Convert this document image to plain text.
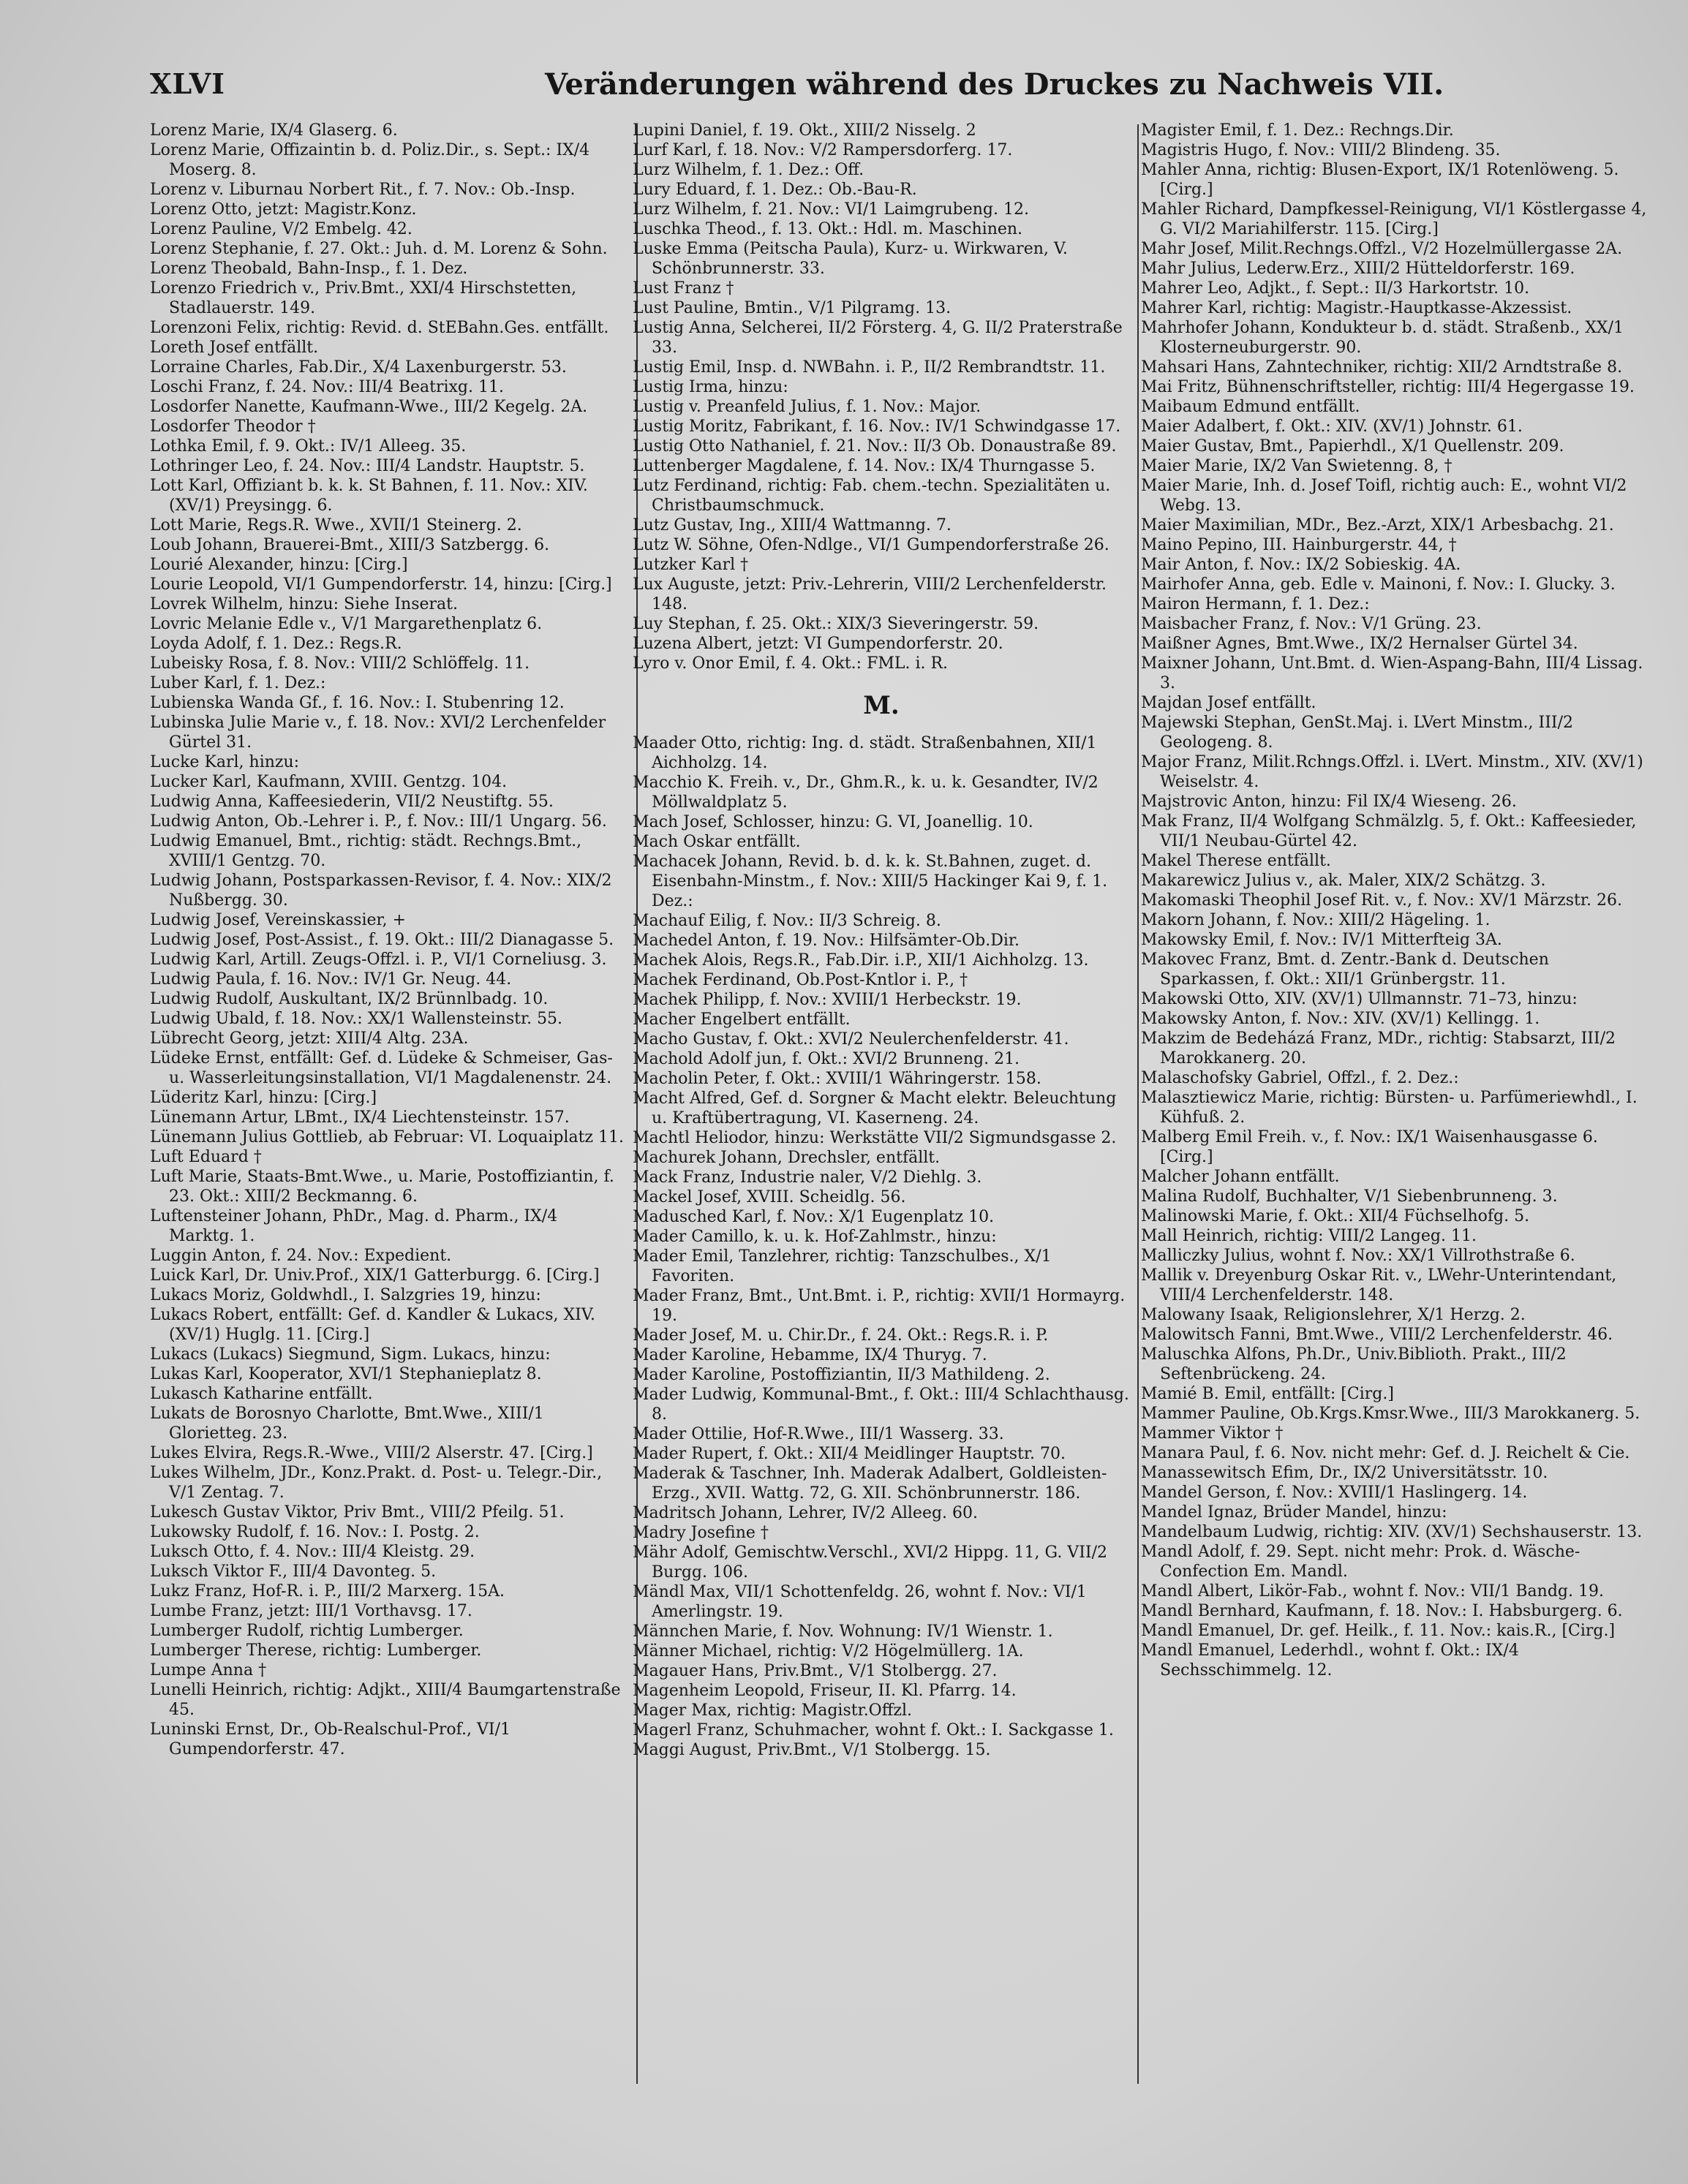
XLVI	Veränderungen während des Druckes zu Nachweis VII.

Lorenz Marie, IX/4 Glaserg. 6.

Lorenz Marie, Offizaintin b. d. Poliz.Dir., s. Sept.: IX/4 Moserg. 8.

Lorenz v. Liburnau Norbert Rit., f. 7. Nov.: Ob.-Insp.

Lorenz Otto, jetzt: Magistr.Konz.

Lorenz Pauline, V/2 Embelg. 42.

Lorenz Stephanie, f. 27. Okt.: Juh. d. M. Lorenz & Sohn.

Lorenz Theobald, Bahn-Insp., f. 1. Dez.

Lorenzo Friedrich v., Priv.Bmt., XXI/4 Hirschstetten, Stadlauerstr. 149.

Lorenzoni Felix, richtig: Revid. d. StEBahn.Ges. entfällt.

Loreth Josef entfällt.

Lorraine Charles, Fab.Dir., X/4 Laxenburgerstr. 53.

Loschi Franz, f. 24. Nov.: III/4 Beatrixg. 11.

Losdorfer Nanette, Kaufmann-Wwe., III/2 Kegelg. 2A.

Losdorfer Theodor †

Lothka Emil, f. 9. Okt.: IV/1 Alleeg. 35.

Lothringer Leo, f. 24. Nov.: III/4 Landstr. Hauptstr. 5.

Lott Karl, Offiziant b. k. k. St Bahnen, f. 11. Nov.: XIV. (XV/1) Preysingg. 6.

Lott Marie, Regs.R. Wwe., XVII/1 Steinerg. 2.

Loub Johann, Brauerei-Bmt., XIII/3 Satzbergg. 6.

Lourié Alexander, hinzu: [Cirg.]

Lourie Leopold, VI/1 Gumpendorferstr. 14, hinzu: [Cirg.]

Lovrek Wilhelm, hinzu: Siehe Inserat.

Lovric Melanie Edle v., V/1 Margarethenplatz 6.

Loyda Adolf, f. 1. Dez.: Regs.R.

Lubeisky Rosa, f. 8. Nov.: VIII/2 Schlöffelg. 11.

Luber Karl, f. 1. Dez.:

Lubienska Wanda Gf., f. 16. Nov.: I. Stubenring 12.

Lubinska Julie Marie v., f. 18. Nov.: XVI/2 Lerchenfelder Gürtel 31.

Lucke Karl, hinzu:

Lucker Karl, Kaufmann, XVIII. Gentzg. 104.

Ludwig Anna, Kaffeesiederin, VII/2 Neustiftg. 55.

Ludwig Anton, Ob.-Lehrer i. P., f. Nov.: III/1 Ungarg. 56.

Ludwig Emanuel, Bmt., richtig: städt. Rechngs.Bmt., XVIII/1 Gentzg. 70.

Ludwig Johann, Postsparkassen-Revisor, f. 4. Nov.: XIX/2 Nußbergg. 30.

Ludwig Josef, Vereinskassier, +

Ludwig Josef, Post-Assist., f. 19. Okt.: III/2 Dianagasse 5.

Ludwig Karl, Artill. Zeugs-Offzl. i. P., VI/1 Corneliusg. 3.

Ludwig Paula, f. 16. Nov.: IV/1 Gr. Neug. 44.

Ludwig Rudolf, Auskultant, IX/2 Brünnlbadg. 10.

Ludwig Ubald, f. 18. Nov.: XX/1 Wallensteinstr. 55.

Lübrecht Georg, jetzt: XIII/4 Altg. 23A.

Lüdeke Ernst, entfällt: Gef. d. Lüdeke & Schmeiser, Gas- u. Wasserleitungsinstallation, VI/1 Magdalenenstr. 24.

Lüderitz Karl, hinzu: [Cirg.]

Lünemann Artur, LBmt., IX/4 Liechtensteinstr. 157.

Lünemann Julius Gottlieb, ab Februar: VI. Loquaiplatz 11.

Luft Eduard †

Luft Marie, Staats-Bmt.Wwe., u. Marie, Postoffiziantin, f. 23. Okt.: XIII/2 Beckmanng. 6.

Luftensteiner Johann, PhDr., Mag. d. Pharm., IX/4 Marktg. 1.

Luggin Anton, f. 24. Nov.: Expedient.

Luick Karl, Dr. Univ.Prof., XIX/1 Gatterburgg. 6. [Cirg.]

Lukacs Moriz, Goldwhdl., I. Salzgries 19, hinzu:

Lukacs Robert, entfällt: Gef. d. Kandler & Lukacs, XIV. (XV/1) Huglg. 11. [Cirg.]

Lukacs (Lukacs) Siegmund, Sigm. Lukacs, hinzu:

Lukas Karl, Kooperator, XVI/1 Stephanieplatz 8.

Lukasch Katharine entfällt.

Lukats de Borosnyo Charlotte, Bmt.Wwe., XIII/1 Glorietteg. 23.

Lukes Elvira, Regs.R.-Wwe., VIII/2 Alserstr. 47. [Cirg.]

Lukes Wilhelm, JDr., Konz.Prakt. d. Post- u. Telegr.-Dir., V/1 Zentag. 7.

Lukesch Gustav Viktor, Priv Bmt., VIII/2 Pfeilg. 51.

Lukowsky Rudolf, f. 16. Nov.: I. Postg. 2.

Luksch Otto, f. 4. Nov.: III/4 Kleistg. 29.

Luksch Viktor F., III/4 Davonteg. 5.

Lukz Franz, Hof-R. i. P., III/2 Marxerg. 15A.

Lumbe Franz, jetzt: III/1 Vorthavsg. 17.

Lumberger Rudolf, richtig Lumberger.

Lumberger Therese, richtig: Lumberger.

Lumpe Anna †

Lunelli Heinrich, richtig: Adjkt., XIII/4 Baumgartenstraße 45.

Luninski Ernst, Dr., Ob-Realschul-Prof., VI/1 Gumpendorferstr. 47.

Lupini Daniel, f. 19. Okt., XIII/2 Nisselg. 2

Lurf Karl, f. 18. Nov.: V/2 Rampersdorferg. 17.

Lurz Wilhelm, f. 1. Dez.: Off.

Lury Eduard, f. 1. Dez.: Ob.-Bau-R.

Lurz Wilhelm, f. 21. Nov.: VI/1 Laimgrubeng. 12.

Luschka Theod., f. 13. Okt.: Hdl. m. Maschinen.

Luske Emma (Peitscha Paula), Kurz- u. Wirkwaren, V. Schönbrunnerstr. 33.

Lust Franz †

Lust Pauline, Bmtin., V/1 Pilgramg. 13.

Lustig Anna, Selcherei, II/2 Försterg. 4, G. II/2 Praterstraße 33.

Lustig Emil, Insp. d. NWBahn. i. P., II/2 Rembrandtstr. 11.

Lustig Irma, hinzu:

Lustig v. Preanfeld Julius, f. 1. Nov.: Major.

Lustig Moritz, Fabrikant, f. 16. Nov.: IV/1 Schwindgasse 17.

Lustig Otto Nathaniel, f. 21. Nov.: II/3 Ob. Donaustraße 89.

Luttenberger Magdalene, f. 14. Nov.: IX/4 Thurngasse 5.

Lutz Ferdinand, richtig: Fab. chem.-techn. Spezialitäten u. Christbaumschmuck.

Lutz Gustav, Ing., XIII/4 Wattmanng. 7.

Lutz W. Söhne, Ofen-Ndlge., VI/1 Gumpendorferstraße 26.

Lutzker Karl †

Lux Auguste, jetzt: Priv.-Lehrerin, VIII/2 Lerchenfelderstr. 148.

Luy Stephan, f. 25. Okt.: XIX/3 Sieveringerstr. 59.

Luzena Albert, jetzt: VI Gumpendorferstr. 20.

Lyro v. Onor Emil, f. 4. Okt.: FML. i. R.

M.

Maader Otto, richtig: Ing. d. städt. Straßenbahnen, XII/1 Aichholzg. 14.

Macchio K. Freih. v., Dr., Ghm.R., k. u. k. Gesandter, IV/2 Möllwaldplatz 5.

Mach Josef, Schlosser, hinzu: G. VI, Joanellig. 10.

Mach Oskar entfällt.

Machacek Johann, Revid. b. d. k. k. St.Bahnen, zuget. d. Eisenbahn-Minstm., f. Nov.: XIII/5 Hackinger Kai 9, f. 1. Dez.:

Machauf Eilig, f. Nov.: II/3 Schreig. 8.

Machedel Anton, f. 19. Nov.: Hilfsämter-Ob.Dir.

Machek Alois, Regs.R., Fab.Dir. i.P., XII/1 Aichholzg. 13.

Machek Ferdinand, Ob.Post-Kntlor i. P., †

Machek Philipp, f. Nov.: XVIII/1 Herbeckstr. 19.

Macher Engelbert entfällt.

Macho Gustav, f. Okt.: XVI/2 Neulerchenfelderstr. 41.

Machold Adolf jun, f. Okt.: XVI/2 Brunneng. 21.

Macholin Peter, f. Okt.: XVIII/1 Währingerstr. 158.

Macht Alfred, Gef. d. Sorgner & Macht elektr. Beleuchtung u. Kraftübertragung, VI. Kaserneng. 24.

Machtl Heliodor, hinzu: Werkstätte VII/2 Sigmundsgasse 2.

Machurek Johann, Drechsler, entfällt.

Mack Franz, Industrie naler, V/2 Diehlg. 3.

Mackel Josef, XVIII. Scheidlg. 56.

Madusched Karl, f. Nov.: X/1 Eugenplatz 10.

Mader Camillo, k. u. k. Hof-Zahlmstr., hinzu:

Mader Emil, Tanzlehrer, richtig: Tanzschulbes., X/1 Favoriten.

Mader Franz, Bmt., Unt.Bmt. i. P., richtig: XVII/1 Hormayrg. 19.

Mader Josef, M. u. Chir.Dr., f. 24. Okt.: Regs.R. i. P.

Mader Karoline, Hebamme, IX/4 Thuryg. 7.

Mader Karoline, Postoffiziantin, II/3 Mathildeng. 2.

Mader Ludwig, Kommunal-Bmt., f. Okt.: III/4 Schlachthausg. 8.

Mader Ottilie, Hof-R.Wwe., III/1 Wasserg. 33.

Mader Rupert, f. Okt.: XII/4 Meidlinger Hauptstr. 70.

Maderak & Taschner, Inh. Maderak Adalbert, Goldleisten-Erzg., XVII. Wattg. 72, G. XII. Schönbrunnerstr. 186.

Madritsch Johann, Lehrer, IV/2 Alleeg. 60.

Madry Josefine †

Mähr Adolf, Gemischtw.Verschl., XVI/2 Hippg. 11, G. VII/2 Burgg. 106.

Mändl Max, VII/1 Schottenfeldg. 26, wohnt f. Nov.: VI/1 Amerlingstr. 19.

Männchen Marie, f. Nov. Wohnung: IV/1 Wienstr. 1.

Männer Michael, richtig: V/2 Högelmüllerg. 1A.

Magauer Hans, Priv.Bmt., V/1 Stolbergg. 27.

Magenheim Leopold, Friseur, II. Kl. Pfarrg. 14.

Mager Max, richtig: Magistr.Offzl.

Magerl Franz, Schuhmacher, wohnt f. Okt.: I. Sackgasse 1.

Maggi August, Priv.Bmt., V/1 Stolbergg. 15.

Magister Emil, f. 1. Dez.: Rechngs.Dir.

Magistris Hugo, f. Nov.: VIII/2 Blindeng. 35.

Mahler Anna, richtig: Blusen-Export, IX/1 Rotenlöweng. 5. [Cirg.]

Mahler Richard, Dampfkessel-Reinigung, VI/1 Köstlergasse 4, G. VI/2 Mariahilferstr. 115. [Cirg.]

Mahr Josef, Milit.Rechngs.Offzl., V/2 Hozelmüllergasse 2A.

Mahr Julius, Lederw.Erz., XIII/2 Hütteldorferstr. 169.

Mahrer Leo, Adjkt., f. Sept.: II/3 Harkortstr. 10.

Mahrer Karl, richtig: Magistr.-Hauptkasse-Akzessist.

Mahrhofer Johann, Kondukteur b. d. städt. Straßenb., XX/1 Klosterneuburgerstr. 90.

Mahsari Hans, Zahntechniker, richtig: XII/2 Arndtstraße 8.

Mai Fritz, Bühnenschriftsteller, richtig: III/4 Hegergasse 19.

Maibaum Edmund entfällt.

Maier Adalbert, f. Okt.: XIV. (XV/1) Johnstr. 61.

Maier Gustav, Bmt., Papierhdl., X/1 Quellenstr. 209.

Maier Marie, IX/2 Van Swietenng. 8, †

Maier Marie, Inh. d. Josef Toifl, richtig auch: E., wohnt VI/2 Webg. 13.

Maier Maximilian, MDr., Bez.-Arzt, XIX/1 Arbesbachg. 21.

Maino Pepino, III. Hainburgerstr. 44, †

Mair Anton, f. Nov.: IX/2 Sobieskig. 4A.

Mairhofer Anna, geb. Edle v. Mainoni, f. Nov.: I. Glucky. 3.

Mairon Hermann, f. 1. Dez.:

Maisbacher Franz, f. Nov.: V/1 Grüng. 23.

Maißner Agnes, Bmt.Wwe., IX/2 Hernalser Gürtel 34.

Maixner Johann, Unt.Bmt. d. Wien-Aspang-Bahn, III/4 Lissag. 3.

Majdan Josef entfällt.

Majewski Stephan, GenSt.Maj. i. LVert Minstm., III/2 Geologeng. 8.

Major Franz, Milit.Rchngs.Offzl. i. LVert. Minstm., XIV. (XV/1) Weiselstr. 4.

Majstrovic Anton, hinzu: Fil IX/4 Wieseng. 26.

Mak Franz, II/4 Wolfgang Schmälzlg. 5, f. Okt.: Kaffeesieder, VII/1 Neubau-Gürtel 42.

Makel Therese entfällt.

Makarewicz Julius v., ak. Maler, XIX/2 Schätzg. 3.

Makomaski Theophil Josef Rit. v., f. Nov.: XV/1 Märzstr. 26.

Makorn Johann, f. Nov.: XIII/2 Hägeling. 1.

Makowsky Emil, f. Nov.: IV/1 Mitterfteig 3A.

Makovec Franz, Bmt. d. Zentr.-Bank d. Deutschen Sparkassen, f. Okt.: XII/1 Grünbergstr. 11.

Makowski Otto, XIV. (XV/1) Ullmannstr. 71–73, hinzu:

Makowsky Anton, f. Nov.: XIV. (XV/1) Kellingg. 1.

Makzim de Bedeházá Franz, MDr., richtig: Stabsarzt, III/2 Marokkanerg. 20.

Malaschofsky Gabriel, Offzl., f. 2. Dez.:

Malasztiewicz Marie, richtig: Bürsten- u. Parfümeriewhdl., I. Kühfuß. 2.

Malberg Emil Freih. v., f. Nov.: IX/1 Waisenhausgasse 6. [Cirg.]

Malcher Johann entfällt.

Malina Rudolf, Buchhalter, V/1 Siebenbrunneng. 3.

Malinowski Marie, f. Okt.: XII/4 Füchselhofg. 5.

Mall Heinrich, richtig: VIII/2 Langeg. 11.

Malliczky Julius, wohnt f. Nov.: XX/1 Villrothstraße 6.

Mallik v. Dreyenburg Oskar Rit. v., LWehr-Unterintendant, VIII/4 Lerchenfelderstr. 148.

Malowany Isaak, Religionslehrer, X/1 Herzg. 2.

Malowitsch Fanni, Bmt.Wwe., VIII/2 Lerchenfelderstr. 46.

Maluschka Alfons, Ph.Dr., Univ.Biblioth. Prakt., III/2 Seftenbrückeng. 24.

Mamié B. Emil, entfällt: [Cirg.]

Mammer Pauline, Ob.Krgs.Kmsr.Wwe., III/3 Marokkanerg. 5.

Mammer Viktor †

Manara Paul, f. 6. Nov. nicht mehr: Gef. d. J. Reichelt & Cie.

Manassewitsch Efim, Dr., IX/2 Universitätsstr. 10.

Mandel Gerson, f. Nov.: XVIII/1 Haslingerg. 14.

Mandel Ignaz, Brüder Mandel, hinzu:

Mandelbaum Ludwig, richtig: XIV. (XV/1) Sechshauserstr. 13.

Mandl Adolf, f. 29. Sept. nicht mehr: Prok. d. Wäsche-Confection Em. Mandl.

Mandl Albert, Likör-Fab., wohnt f. Nov.: VII/1 Bandg. 19.

Mandl Bernhard, Kaufmann, f. 18. Nov.: I. Habsburgerg. 6.

Mandl Emanuel, Dr. gef. Heilk., f. 11. Nov.: kais.R., [Cirg.]

Mandl Emanuel, Lederhdl., wohnt f. Okt.: IX/4 Sechsschimmelg. 12.
